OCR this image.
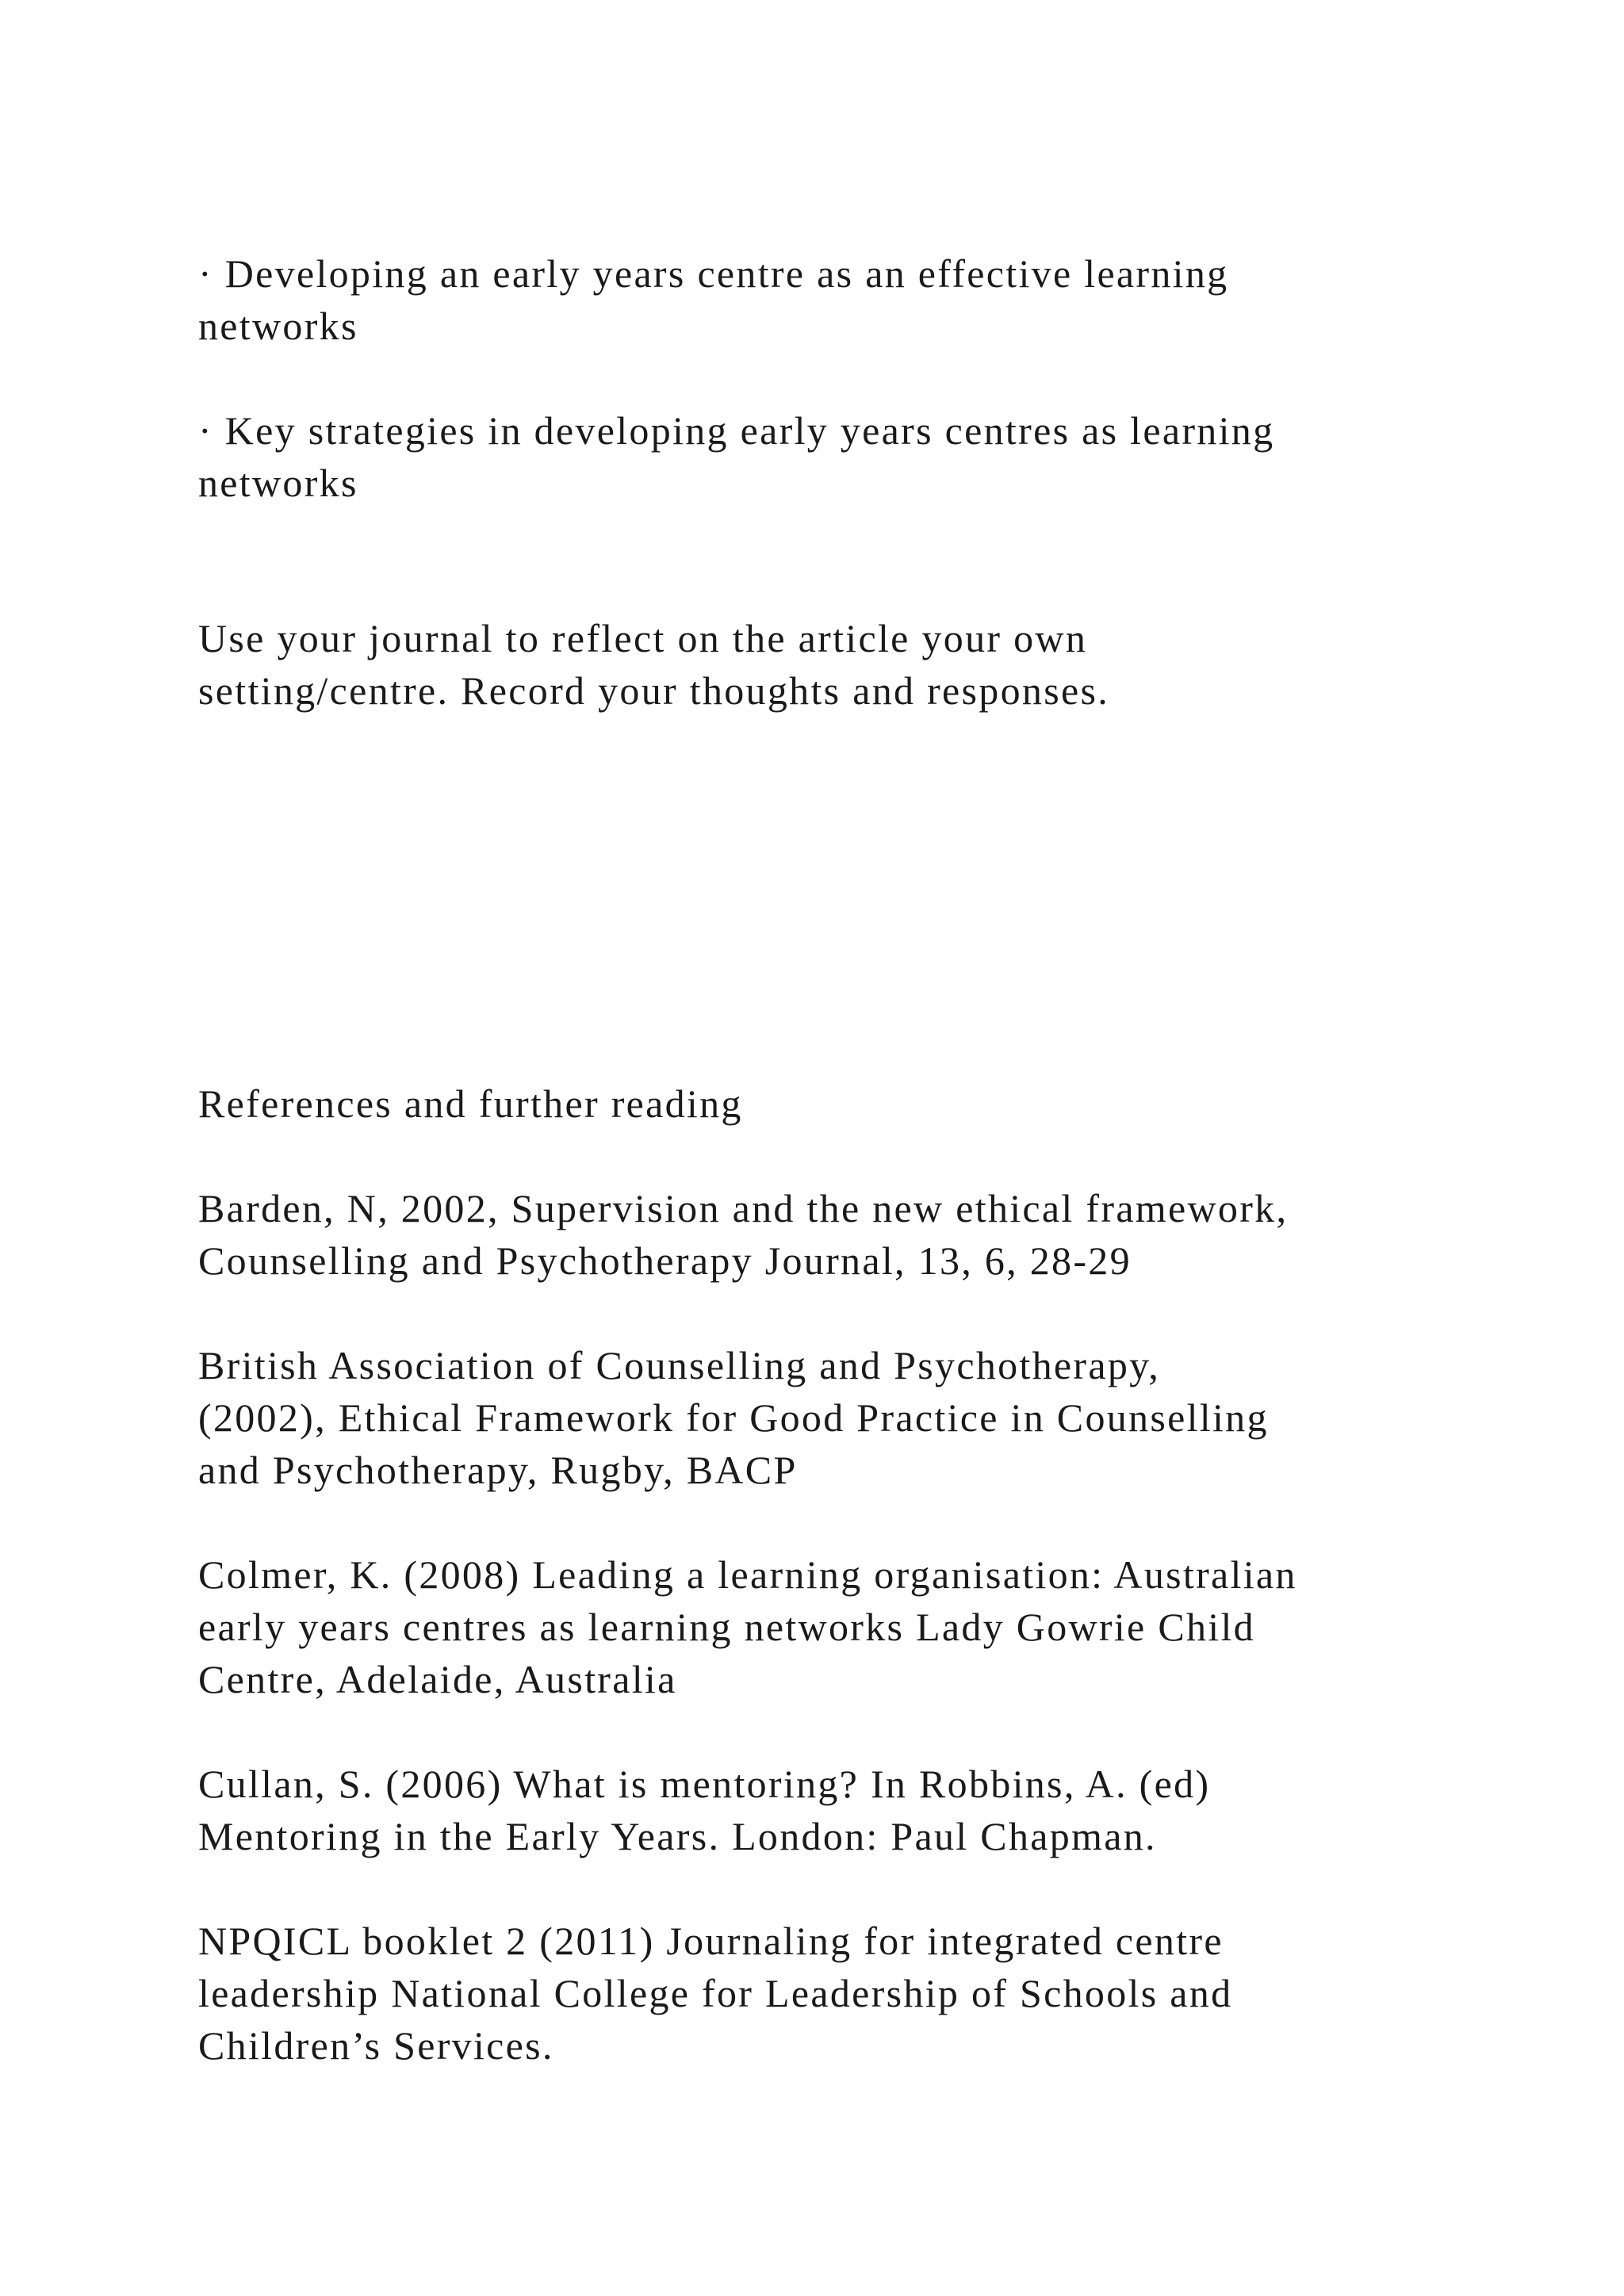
· Developing an early years centre as an effective learning
networks

· Key strategies in developing early years centres as learning
networks

Use your journal to reflect on the article your own
setting/centre. Record your thoughts and responses.

References and further reading

Barden, N, 2002, Supervision and the new ethical framework,
Counselling and Psychotherapy Journal, 13, 6, 28-29

British Association of Counselling and Psychotherapy,
(2002), Ethical Framework for Good Practice in Counselling
and Psychotherapy, Rugby, BACP

Colmer, K. (2008) Leading a learning organisation: Australian
early years centres as learning networks Lady Gowrie Child
Centre, Adelaide, Australia

Cullan, S. (2006) What is mentoring? In Robbins, A. (ed)
Mentoring in the Early Years. London: Paul Chapman.

NPQICL booklet 2 (2011) Journaling for integrated centre
leadership National College for Leadership of Schools and
Children’s Services.
